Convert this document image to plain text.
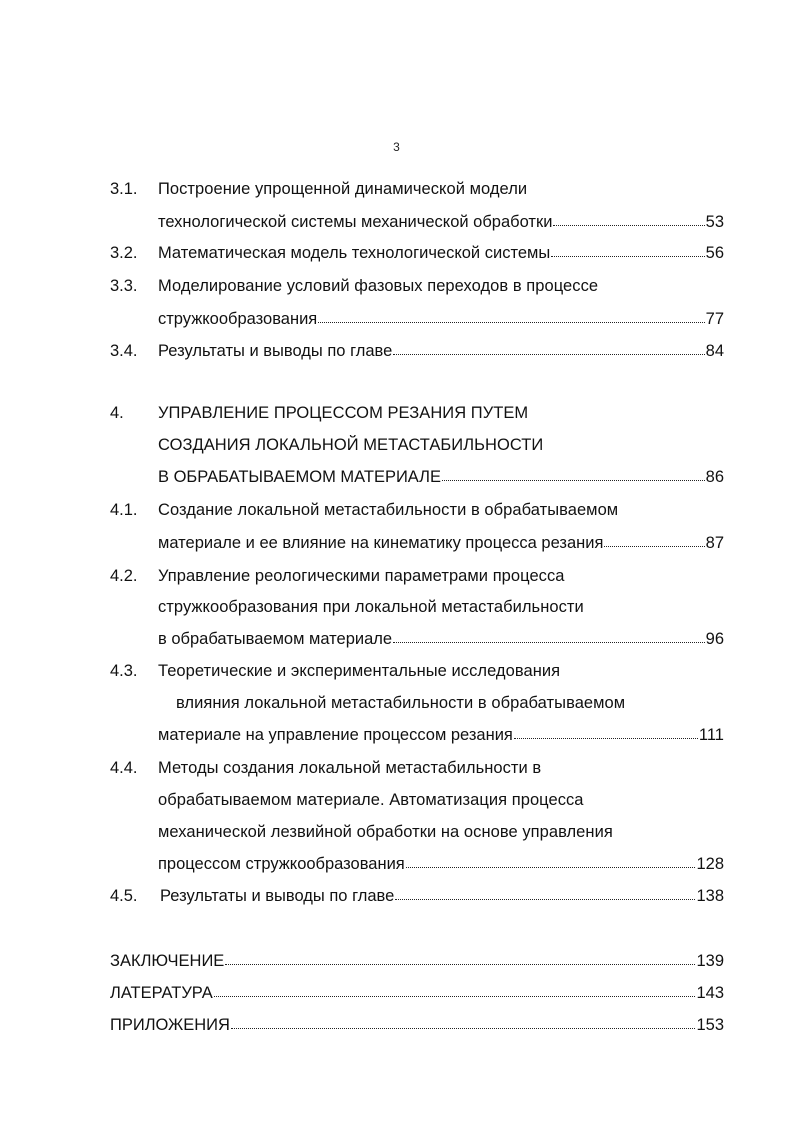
3
3.1. Построение упрощенной динамической модели
технологической системы механической обработки	53
3.2. Математическая модель технологической системы	56
3.3. Моделирование условий фазовых переходов в процессе
стружкообразования	77
3.4. Результаты и выводы по главе	84
4. УПРАВЛЕНИЕ ПРОЦЕССОМ РЕЗАНИЯ ПУТЕМ
СОЗДАНИЯ ЛОКАЛЬНОЙ МЕТАСТАБИЛЬНОСТИ
В ОБРАБАТЫВАЕМОМ МАТЕРИАЛЕ	86
4.1. Создание локальной метастабильности в обрабатываемом
материале и ее влияние на кинематику процесса резания	87
4.2. Управление реологическими параметрами процесса
стружкообразования при локальной метастабильности
в обрабатываемом материале	96
4.3. Теоретические и экспериментальные исследования
влияния локальной метастабильности в обрабатываемом
материале на управление процессом резания	111
4.4. Методы создания локальной метастабильности в
обрабатываемом материале. Автоматизация процесса
механической лезвийной обработки на основе управления
процессом стружкообразования	128
4.5. Результаты и выводы по главе	138
ЗАКЛЮЧЕНИЕ	139
ЛАТЕРАТУРА	143
ПРИЛОЖЕНИЯ	153
